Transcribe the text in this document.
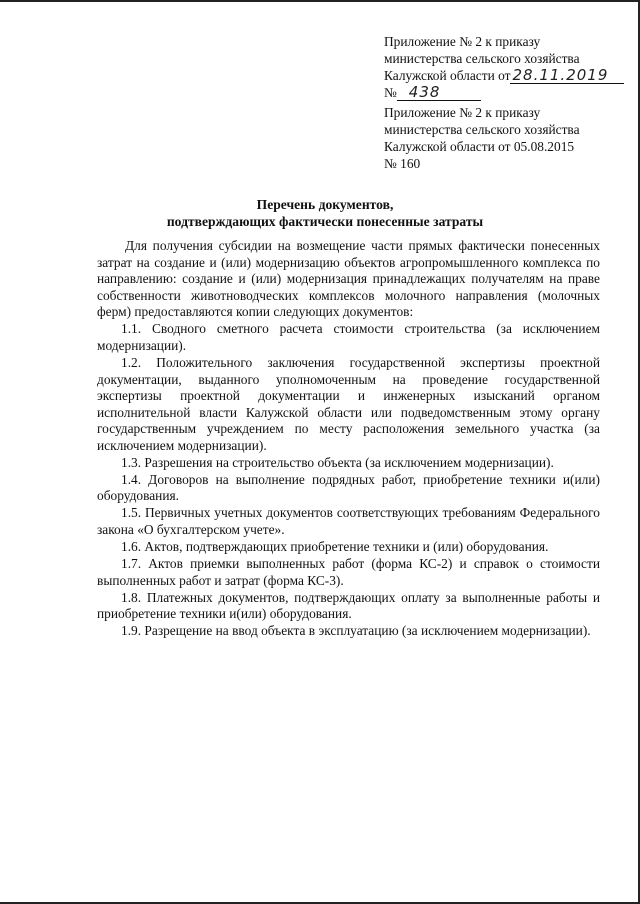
Приложение № 2 к приказу
министерства сельского хозяйства
Калужской области от 28.11.2019
№ 438
Приложение № 2 к приказу
министерства сельского хозяйства
Калужской области от 05.08.2015
№ 160
Перечень документов,
подтверждающих фактически понесенные затраты

Для получения субсидии на возмещение части прямых фактически понесенных затрат на создание и (или) модернизацию объектов агропромышленного комплекса по направлению: создание и (или) модернизация принадлежащих получателям на праве собственности животноводческих комплексов молочного направления (молочных ферм) предоставляются копии следующих документов:

1.1. Сводного сметного расчета стоимости строительства (за исключением модернизации).

1.2. Положительного заключения государственной экспертизы проектной документации, выданного уполномоченным на проведение государственной экспертизы проектной документации и инженерных изысканий органом исполнительной власти Калужской области или подведомственным этому органу государственным учреждением по месту расположения земельного участка (за исключением модернизации).

1.3. Разрешения на строительство объекта (за исключением модернизации).

1.4. Договоров на выполнение подрядных работ, приобретение техники и(или) оборудования.

1.5. Первичных учетных документов соответствующих требованиям Федерального закона «О бухгалтерском учете».

1.6. Актов, подтверждающих приобретение техники и (или) оборудования.

1.7. Актов приемки выполненных работ (форма КС-2) и справок о стоимости выполненных работ и затрат (форма КС-3).

1.8. Платежных документов, подтверждающих оплату за выполненные работы и приобретение техники и(или) оборудования.

1.9. Разрещение на ввод объекта в эксплуатацию (за исключением модернизации).
